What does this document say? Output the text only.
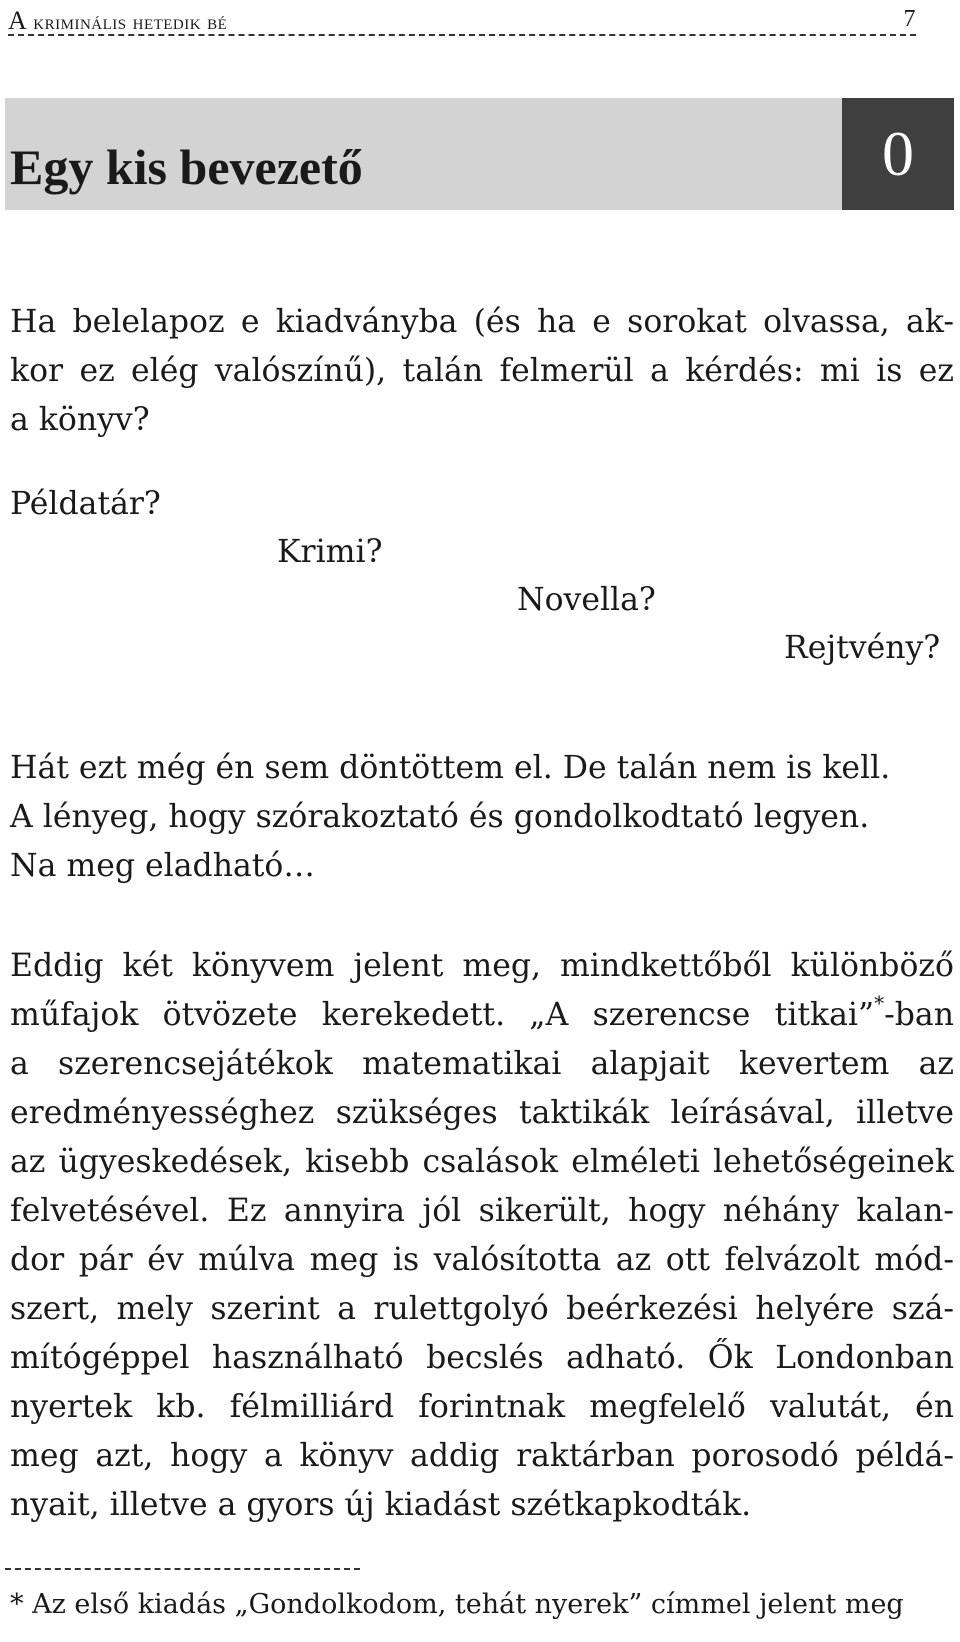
A kriminális hetedik bé	7
Egy kis bevezető	0
Ha belelapoz e kiadványba (és ha e sorokat olvassa, ak-
kor ez elég valószínű), talán felmerül a kérdés: mi is ez
a könyv?
Példatár?
Krimi?
Novella?
Rejtvény?
Hát ezt még én sem döntöttem el. De talán nem is kell.
A lényeg, hogy szórakoztató és gondolkodtató legyen.
Na meg eladható…
Eddig két könyvem jelent meg, mindkettőből különböző
műfajok ötvözete kerekedett. „A szerencse titkai”*-ban
a szerencsejátékok matematikai alapjait kevertem az
eredményességhez szükséges taktikák leírásával, illetve
az ügyeskedések, kisebb csalások elméleti lehetőségeinek
felvetésével. Ez annyira jól sikerült, hogy néhány kalan-
dor pár év múlva meg is valósította az ott felvázolt mód-
szert, mely szerint a rulettgolyó beérkezési helyére szá-
mítógéppel használható becslés adható. Ők Londonban
nyertek kb. félmilliárd forintnak megfelelő valutát, én
meg azt, hogy a könyv addig raktárban porosodó példá-
nyait, illetve a gyors új kiadást szétkapkodták.
* Az első kiadás „Gondolkodom, tehát nyerek” címmel jelent meg
